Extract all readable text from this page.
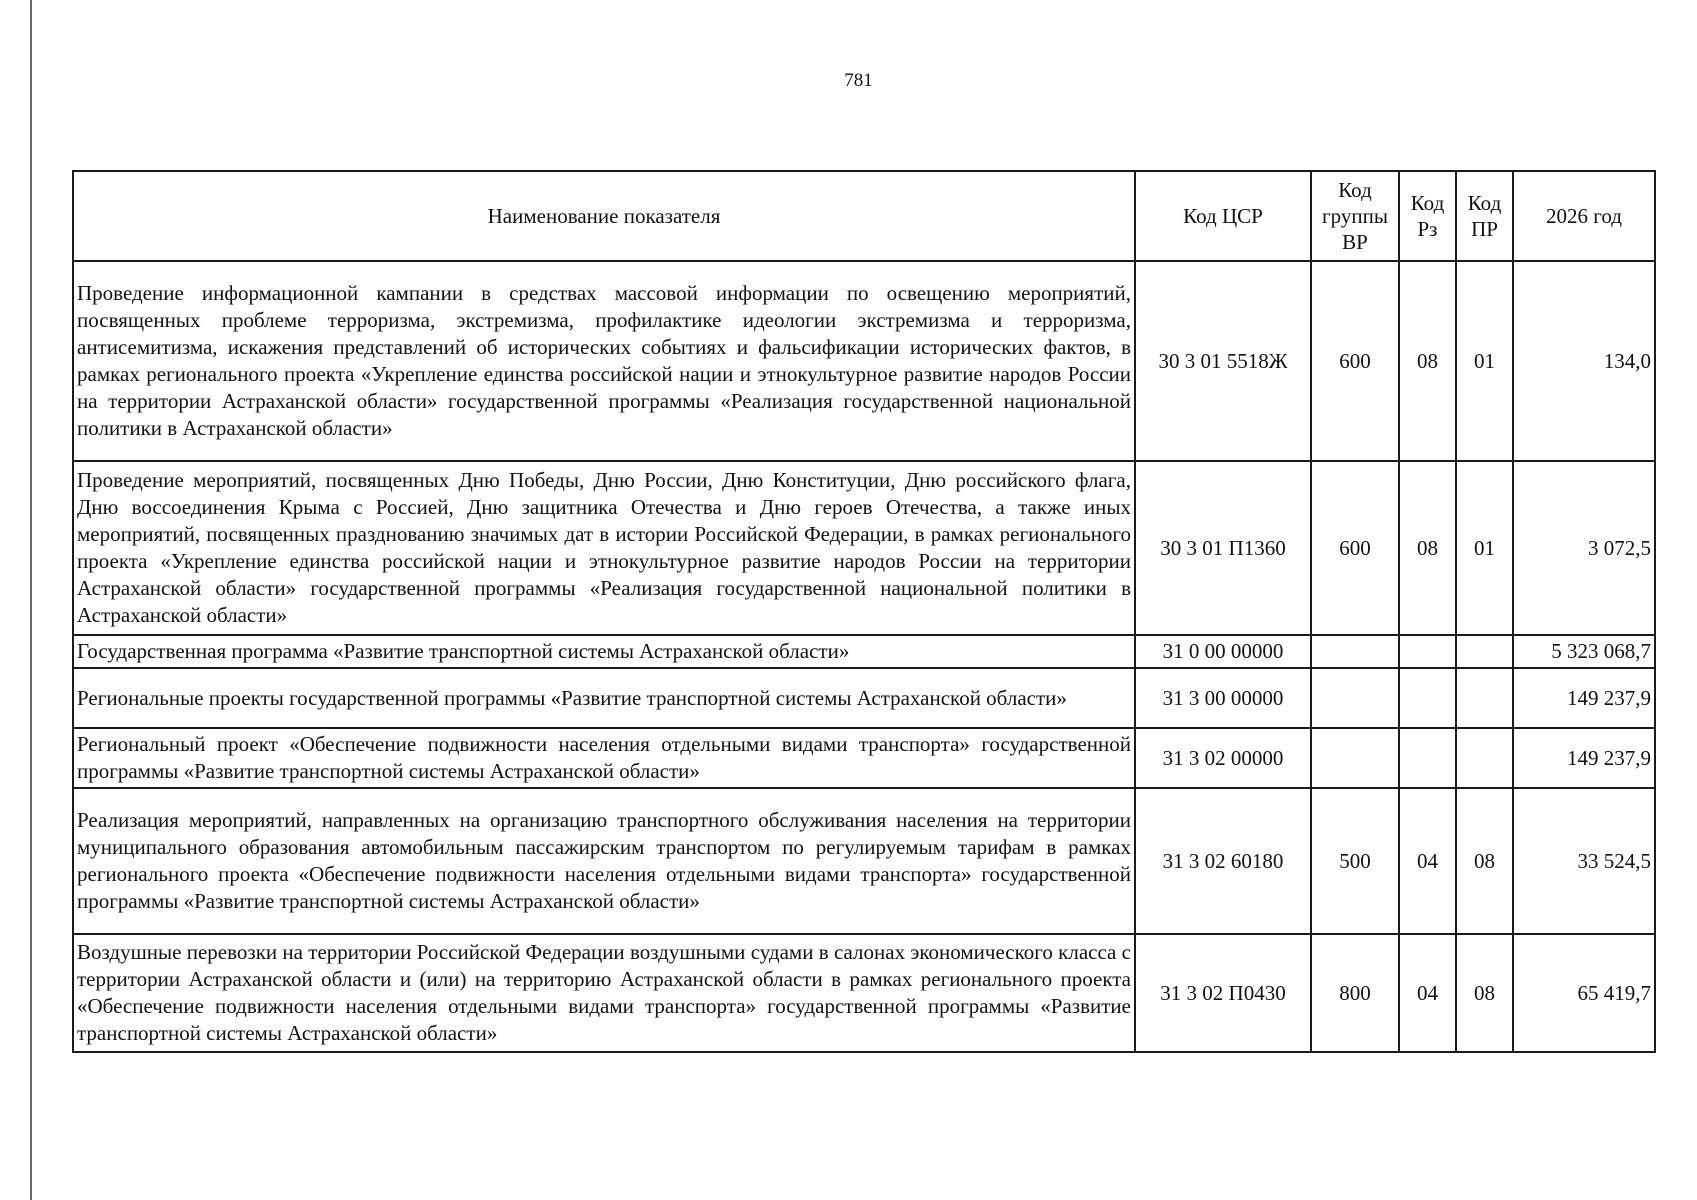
781
Наименование показателя	Код ЦСР	Код группы ВР	Код Рз	Код ПР	2026 год
Проведение информационной кампании в средствах массовой информации по освещению мероприятий, посвященных проблеме терроризма, экстремизма, профилактике идеологии экстремизма и терроризма, антисемитизма, искажения представлений об исторических событиях и фальсификации исторических фактов, в рамках регионального проекта «Укрепление единства российской нации и этнокультурное развитие народов России на территории Астраханской области» государственной программы «Реализация государственной национальной политики в Астраханской области»	30 3 01 5518Ж	600	08	01	134,0
Проведение мероприятий, посвященных Дню Победы, Дню России, Дню Конституции, Дню российского флага, Дню воссоединения Крыма с Россией, Дню защитника Отечества и Дню героев Отечества, а также иных мероприятий, посвященных празднованию значимых дат в истории Российской Федерации, в рамках регионального проекта «Укрепление единства российской нации и этнокультурное развитие народов России на территории Астраханской области» государственной программы «Реализация государственной национальной политики в Астраханской области»	30 3 01 П1360	600	08	01	3 072,5
Государственная программа «Развитие транспортной системы Астраханской области»	31 0 00 00000				5 323 068,7
Региональные проекты государственной программы «Развитие транспортной системы Астраханской области»	31 3 00 00000				149 237,9
Региональный проект «Обеспечение подвижности населения отдельными видами транспорта» государственной программы «Развитие транспортной системы Астраханской области»	31 3 02 00000				149 237,9
Реализация мероприятий, направленных на организацию транспортного обслуживания населения на территории муниципального образования автомобильным пассажирским транспортом по регулируемым тарифам в рамках регионального проекта «Обеспечение подвижности населения отдельными видами транспорта» государственной программы «Развитие транспортной системы Астраханской области»	31 3 02 60180	500	04	08	33 524,5
Воздушные перевозки на территории Российской Федерации воздушными судами в салонах экономического класса с территории Астраханской области и (или) на территорию Астраханской области в рамках регионального проекта «Обеспечение подвижности населения отдельными видами транспорта» государственной программы «Развитие транспортной системы Астраханской области»	31 3 02 П0430	800	04	08	65 419,7
